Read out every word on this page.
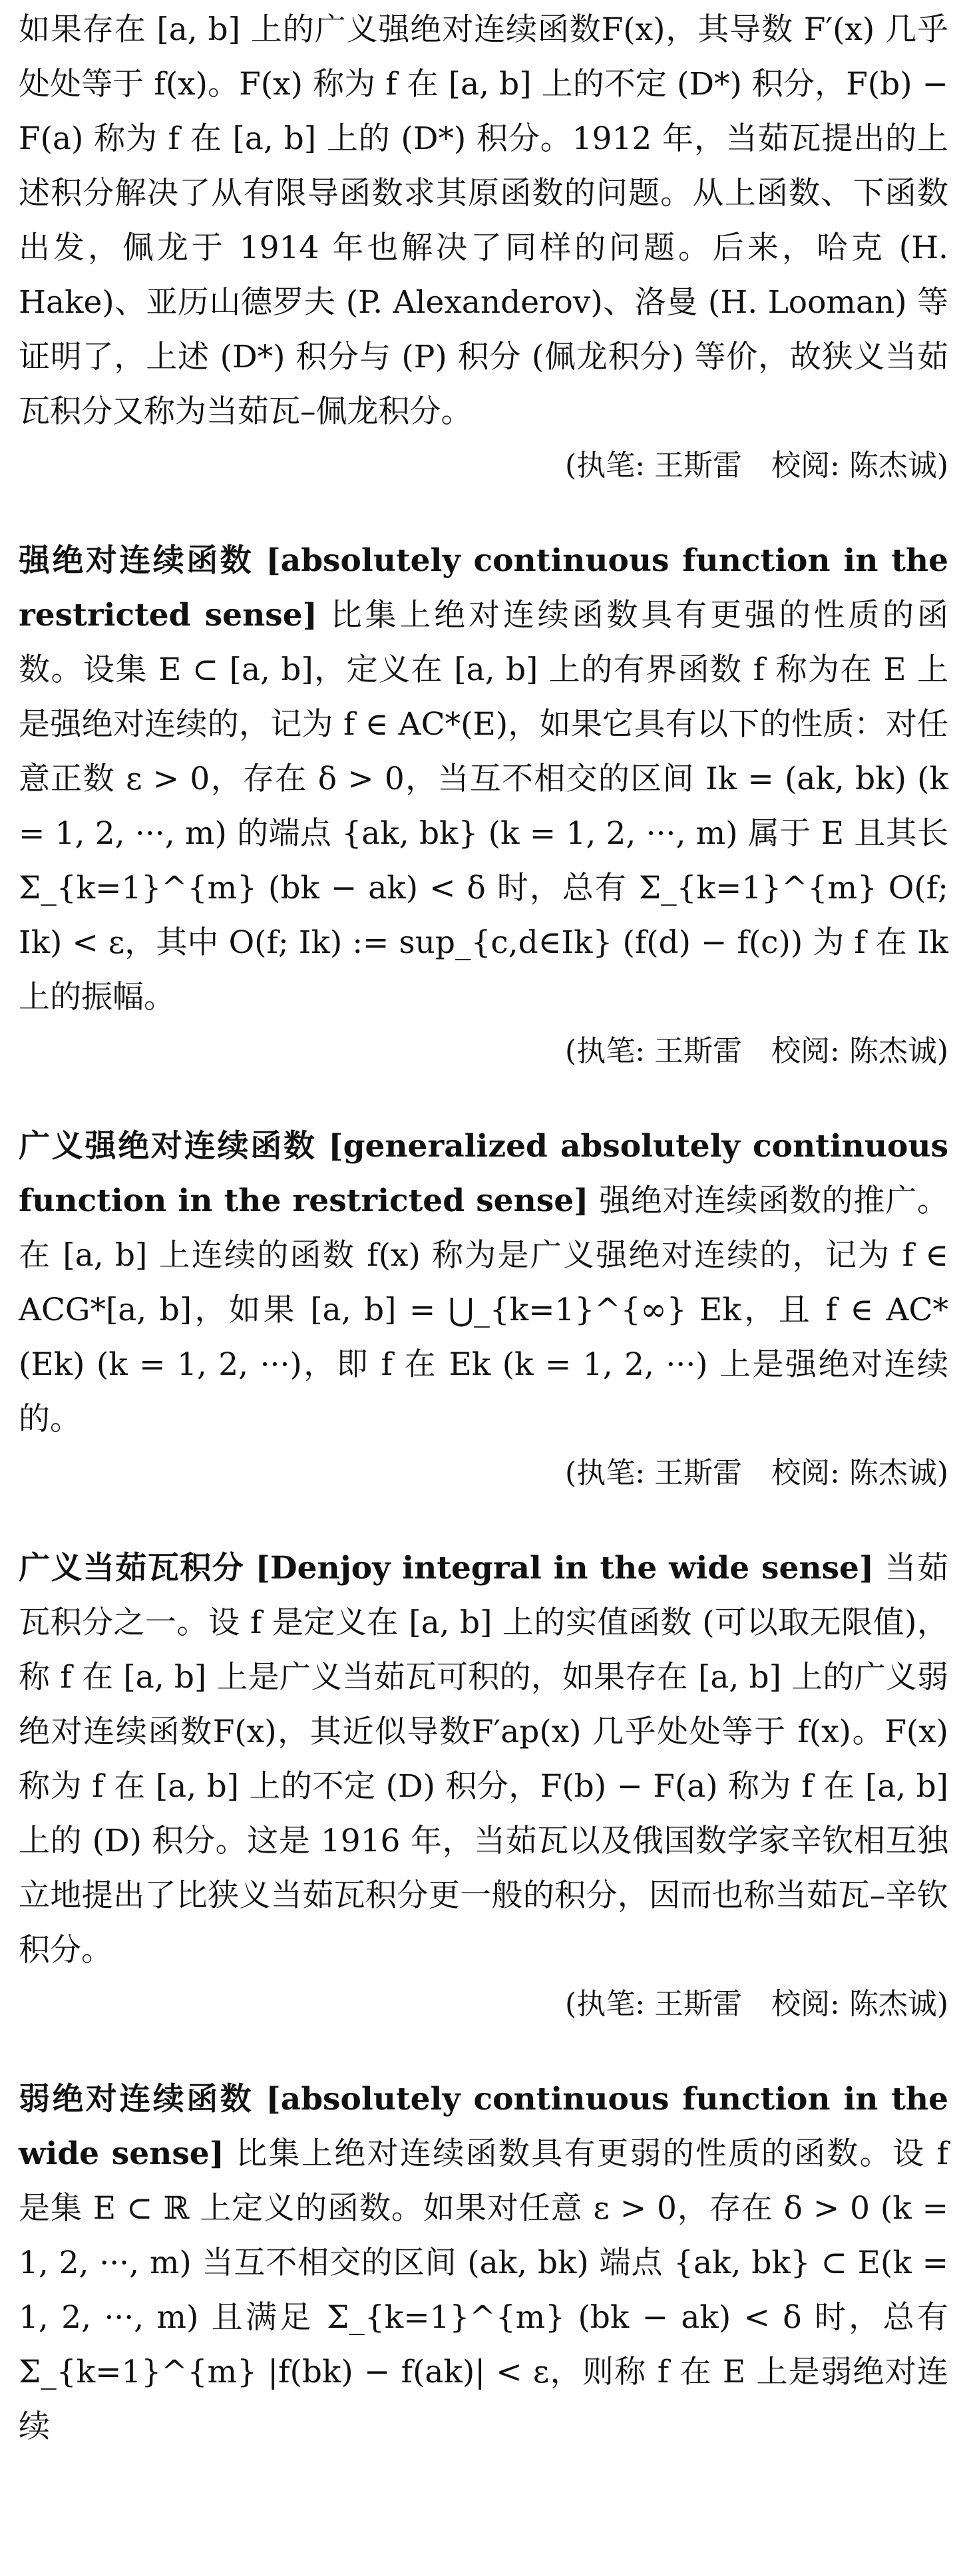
如果存在 [a, b] 上的广义强绝对连续函数F(x)，其导数 F′(x) 几乎处处等于 f(x)。F(x) 称为 f 在 [a, b] 上的不定 (D*) 积分，F(b) − F(a) 称为 f 在 [a, b] 上的 (D*) 积分。1912 年，当茹瓦提出的上述积分解决了从有限导函数求其原函数的问题。从上函数、下函数出发，佩龙于 1914 年也解决了同样的问题。后来，哈克 (H. Hake)、亚历山德罗夫 (P. Alexanderov)、洛曼 (H. Looman) 等证明了，上述 (D*) 积分与 (P) 积分 (佩龙积分) 等价，故狭义当茹瓦积分又称为当茹瓦–佩龙积分。

(执笔: 王斯雷　校阅: 陈杰诚)

强绝对连续函数 [absolutely continuous function in the restricted sense] 比集上绝对连续函数具有更强的性质的函数。设集 E ⊂ [a, b]，定义在 [a, b] 上的有界函数 f 称为在 E 上是强绝对连续的，记为 f ∈ AC*(E)，如果它具有以下的性质：对任意正数 ε > 0，存在 δ > 0，当互不相交的区间 Ik = (ak, bk) (k = 1, 2, ···, m) 的端点 {ak, bk} (k = 1, 2, ···, m) 属于 E 且其长 Σ_{k=1}^{m} (bk − ak) < δ 时，总有 Σ_{k=1}^{m} O(f; Ik) < ε，其中 O(f; Ik) := sup_{c,d∈Ik} (f(d) − f(c)) 为 f 在 Ik 上的振幅。

(执笔: 王斯雷　校阅: 陈杰诚)

广义强绝对连续函数 [generalized absolutely continuous function in the restricted sense] 强绝对连续函数的推广。在 [a, b] 上连续的函数 f(x) 称为是广义强绝对连续的，记为 f ∈ ACG*[a, b]，如果 [a, b] = ⋃_{k=1}^{∞} Ek，且 f ∈ AC*(Ek) (k = 1, 2, ···)，即 f 在 Ek (k = 1, 2, ···) 上是强绝对连续的。

(执笔: 王斯雷　校阅: 陈杰诚)

广义当茹瓦积分 [Denjoy integral in the wide sense] 当茹瓦积分之一。设 f 是定义在 [a, b] 上的实值函数 (可以取无限值)，称 f 在 [a, b] 上是广义当茹瓦可积的，如果存在 [a, b] 上的广义弱绝对连续函数F(x)，其近似导数F′ap(x) 几乎处处等于 f(x)。F(x) 称为 f 在 [a, b] 上的不定 (D) 积分，F(b) − F(a) 称为 f 在 [a, b] 上的 (D) 积分。这是 1916 年，当茹瓦以及俄国数学家辛钦相互独立地提出了比狭义当茹瓦积分更一般的积分，因而也称当茹瓦–辛钦积分。

(执笔: 王斯雷　校阅: 陈杰诚)

弱绝对连续函数 [absolutely continuous function in the wide sense] 比集上绝对连续函数具有更弱的性质的函数。设 f 是集 E ⊂ ℝ 上定义的函数。如果对任意 ε > 0，存在 δ > 0 (k = 1, 2, ···, m) 当互不相交的区间 (ak, bk) 端点 {ak, bk} ⊂ E(k = 1, 2, ···, m) 且满足 Σ_{k=1}^{m} (bk − ak) < δ 时，总有 Σ_{k=1}^{m} |f(bk) − f(ak)| < ε，则称 f 在 E 上是弱绝对连续
